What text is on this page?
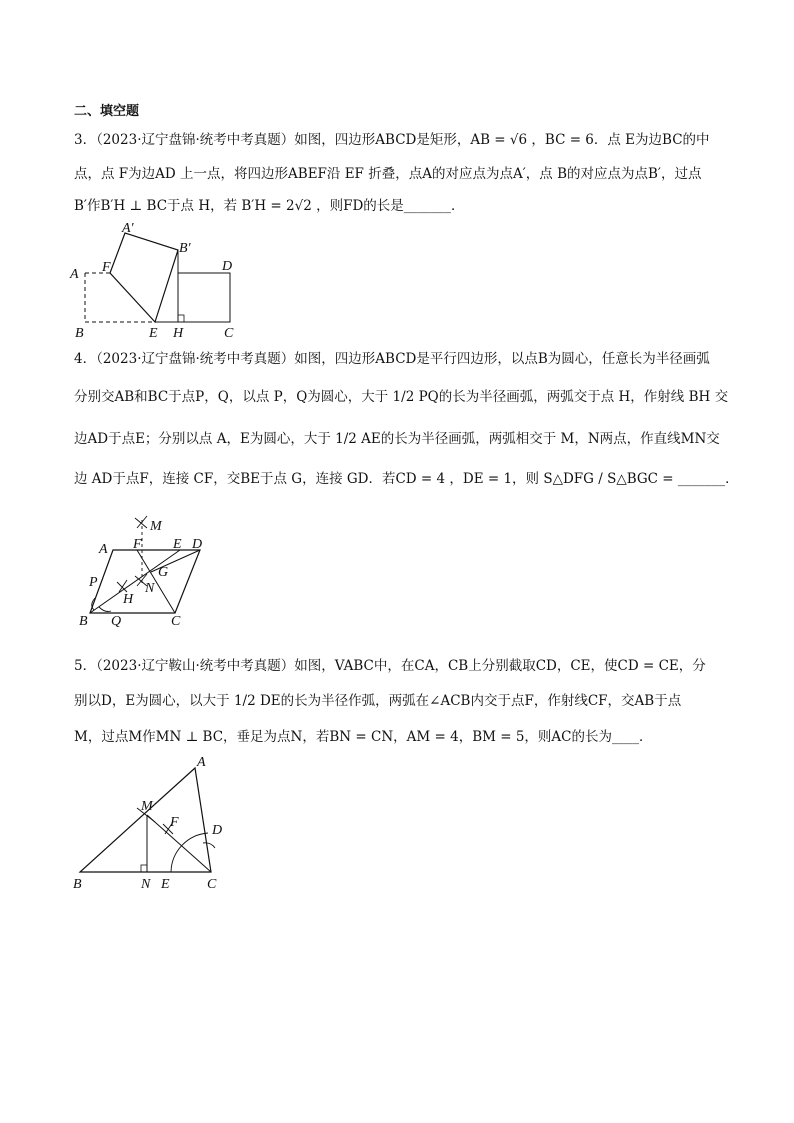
二、填空题
3．（2023·辽宁盘锦·统考中考真题）如图，四边形ABCD是矩形，AB = √6 ，BC = 6．点 E为边BC的中
点，点 F为边AD 上一点，将四边形ABEF沿 EF 折叠，点A的对应点为点A′，点 B的对应点为点B′，过点
B′作B′H ⊥ BC于点 H，若 B′H = 2√2 ，则FD的长是_______．
A′
B′
A F	D
B	E H	C
4．（2023·辽宁盘锦·统考中考真题）如图，四边形ABCD是平行四边形，以点B为圆心，任意长为半径画弧
分别交AB和BC于点P，Q，以点 P，Q为圆心，大于 1/2 PQ的长为半径画弧，两弧交于点 H，作射线 BH 交
边AD于点E；分别以点 A，E为圆心，大于 1/2 AE的长为半径画弧，两弧相交于 M，N两点，作直线MN交
边 AD于点F，连接 CF，交BE于点 G，连接 GD．若CD = 4 ，DE = 1，则 S△DFG / S△BGC = _______．
M
A F E D
P
G
H
N
B Q	C
5．（2023·辽宁鞍山·统考中考真题）如图，VABC中，在CA，CB上分别截取CD，CE，使CD = CE，分
别以D，E为圆心，以大于 1/2 DE的长为半径作弧，两弧在∠ACB内交于点F，作射线CF，交AB于点
M，过点M作MN ⊥ BC，垂足为点N，若BN = CN，AM = 4，BM = 5，则AC的长为____．
A
M
F
D
B	N E	C
